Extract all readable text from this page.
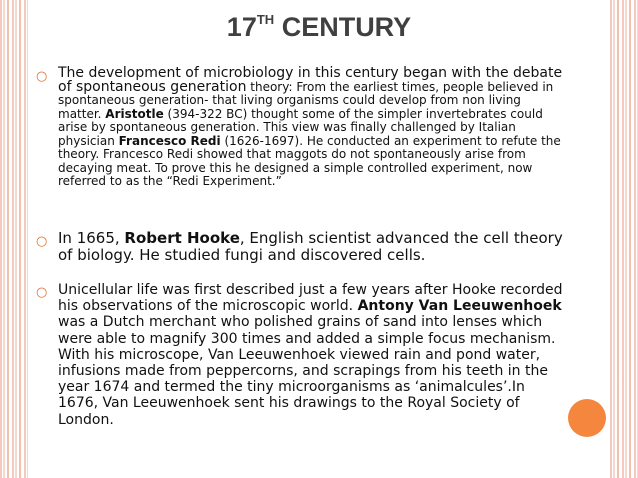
17TH CENTURY
○ The development of microbiology in this century began with the debate of spontaneous generation theory: From the earliest times, people believed in spontaneous generation- that living organisms could develop from non living matter. Aristotle (394-322 BC) thought some of the simpler invertebrates could arise by spontaneous generation. This view was finally challenged by Italian physician Francesco Redi (1626-1697). He conducted an experiment to refute the theory. Francesco Redi showed that maggots do not spontaneously arise from decaying meat. To prove this he designed a simple controlled experiment, now referred to as the “Redi Experiment.”
○ In 1665, Robert Hooke, English scientist advanced the cell theory of biology. He studied fungi and discovered cells.
○ Unicellular life was first described just a few years after Hooke recorded his observations of the microscopic world. Antony Van Leeuwenhoek was a Dutch merchant who polished grains of sand into lenses which were able to magnify 300 times and added a simple focus mechanism. With his microscope, Van Leeuwenhoek viewed rain and pond water, infusions made from peppercorns, and scrapings from his teeth in the year 1674 and termed the tiny microorganisms as ‘animalcules’.In 1676, Van Leeuwenhoek sent his drawings to the Royal Society of London.
